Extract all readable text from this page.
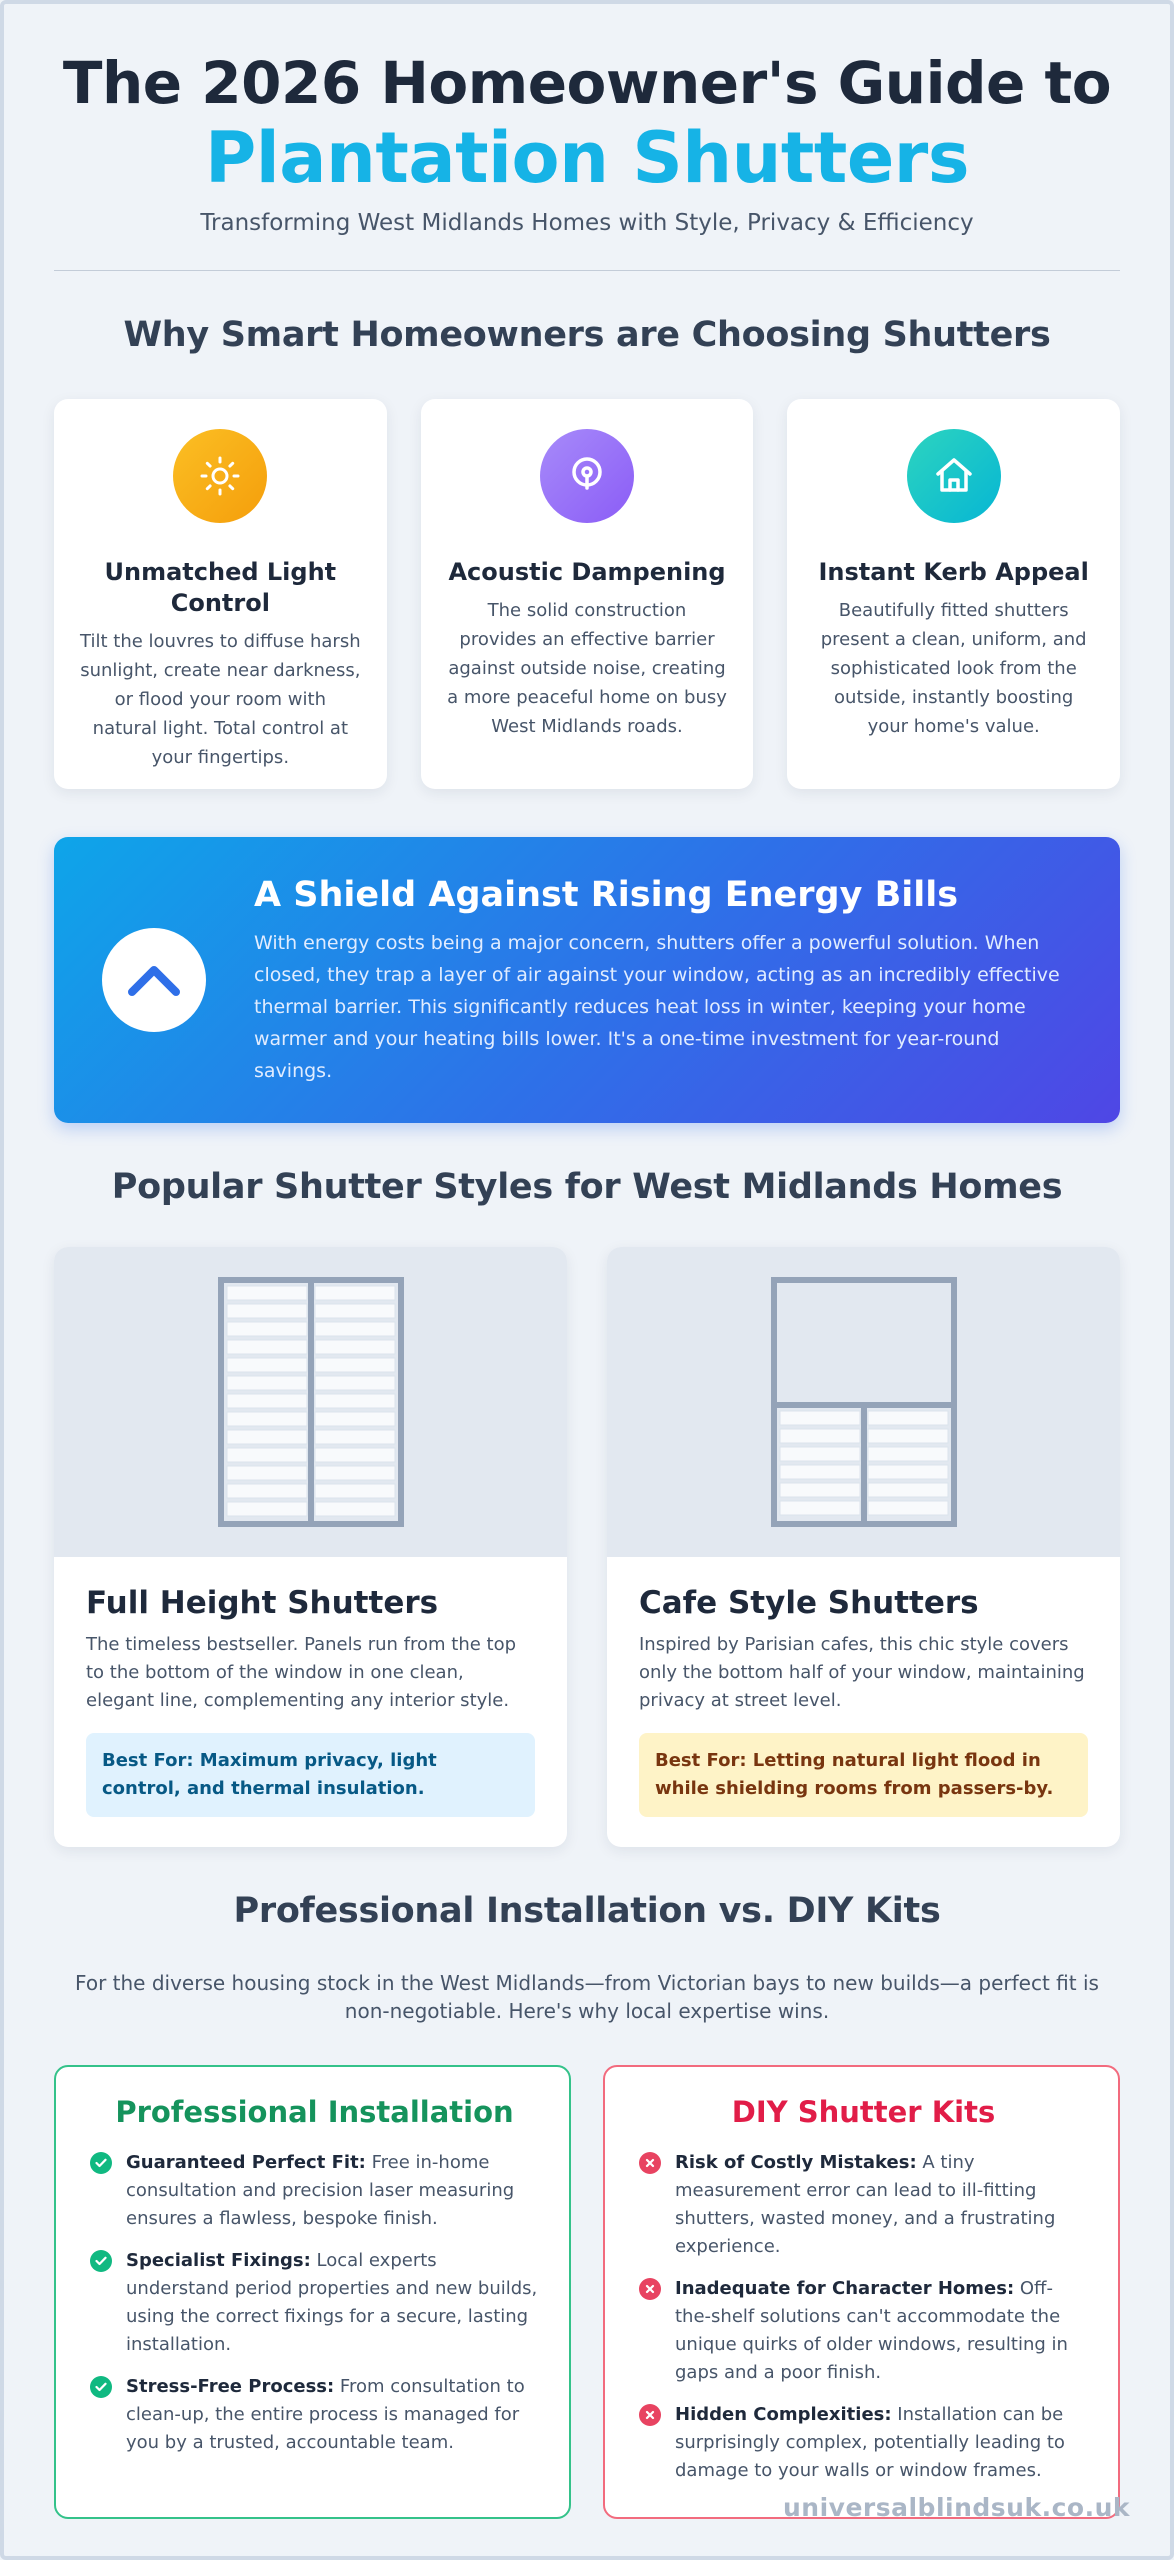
The 2026 Homeowner's Guide to
Plantation Shutters

Transforming West Midlands Homes with Style, Privacy & Efficiency

Why Smart Homeowners are Choosing Shutters
Unmatched Light Control

Tilt the louvres to diffuse harsh sunlight, create near darkness, or flood your room with natural light. Total control at your fingertips.

Acoustic Dampening

The solid construction provides an effective barrier against outside noise, creating a more peaceful home on busy West Midlands roads.

Instant Kerb Appeal

Beautifully fitted shutters present a clean, uniform, and sophisticated look from the outside, instantly boosting your home's value.

A Shield Against Rising Energy Bills

With energy costs being a major concern, shutters offer a powerful solution. When closed, they trap a layer of air against your window, acting as an incredibly effective thermal barrier. This significantly reduces heat loss in winter, keeping your home warmer and your heating bills lower. It's a one-time investment for year-round savings.

Popular Shutter Styles for West Midlands Homes
Full Height Shutters

The timeless bestseller. Panels run from the top to the bottom of the window in one clean, elegant line, complementing any interior style.

Best For: Maximum privacy, light control, and thermal insulation.
Cafe Style Shutters

Inspired by Parisian cafes, this chic style covers only the bottom half of your window, maintaining privacy at street level.

Best For: Letting natural light flood in while shielding rooms from passers-by.
Professional Installation vs. DIY Kits

For the diverse housing stock in the West Midlands—from Victorian bays to new builds—a perfect fit is non-negotiable. Here's why local expertise wins.

Professional Installation
Guaranteed Perfect Fit: Free in-home consultation and precision laser measuring ensures a flawless, bespoke finish.
Specialist Fixings: Local experts understand period properties and new builds, using the correct fixings for a secure, lasting installation.
Stress-Free Process: From consultation to clean-up, the entire process is managed for you by a trusted, accountable team.
DIY Shutter Kits
Risk of Costly Mistakes: A tiny measurement error can lead to ill-fitting shutters, wasted money, and a frustrating experience.
Inadequate for Character Homes: Off-the-shelf solutions can't accommodate the unique quirks of older windows, resulting in gaps and a poor finish.
Hidden Complexities: Installation can be surprisingly complex, potentially leading to damage to your walls or window frames.
universalblindsuk.co.uk
